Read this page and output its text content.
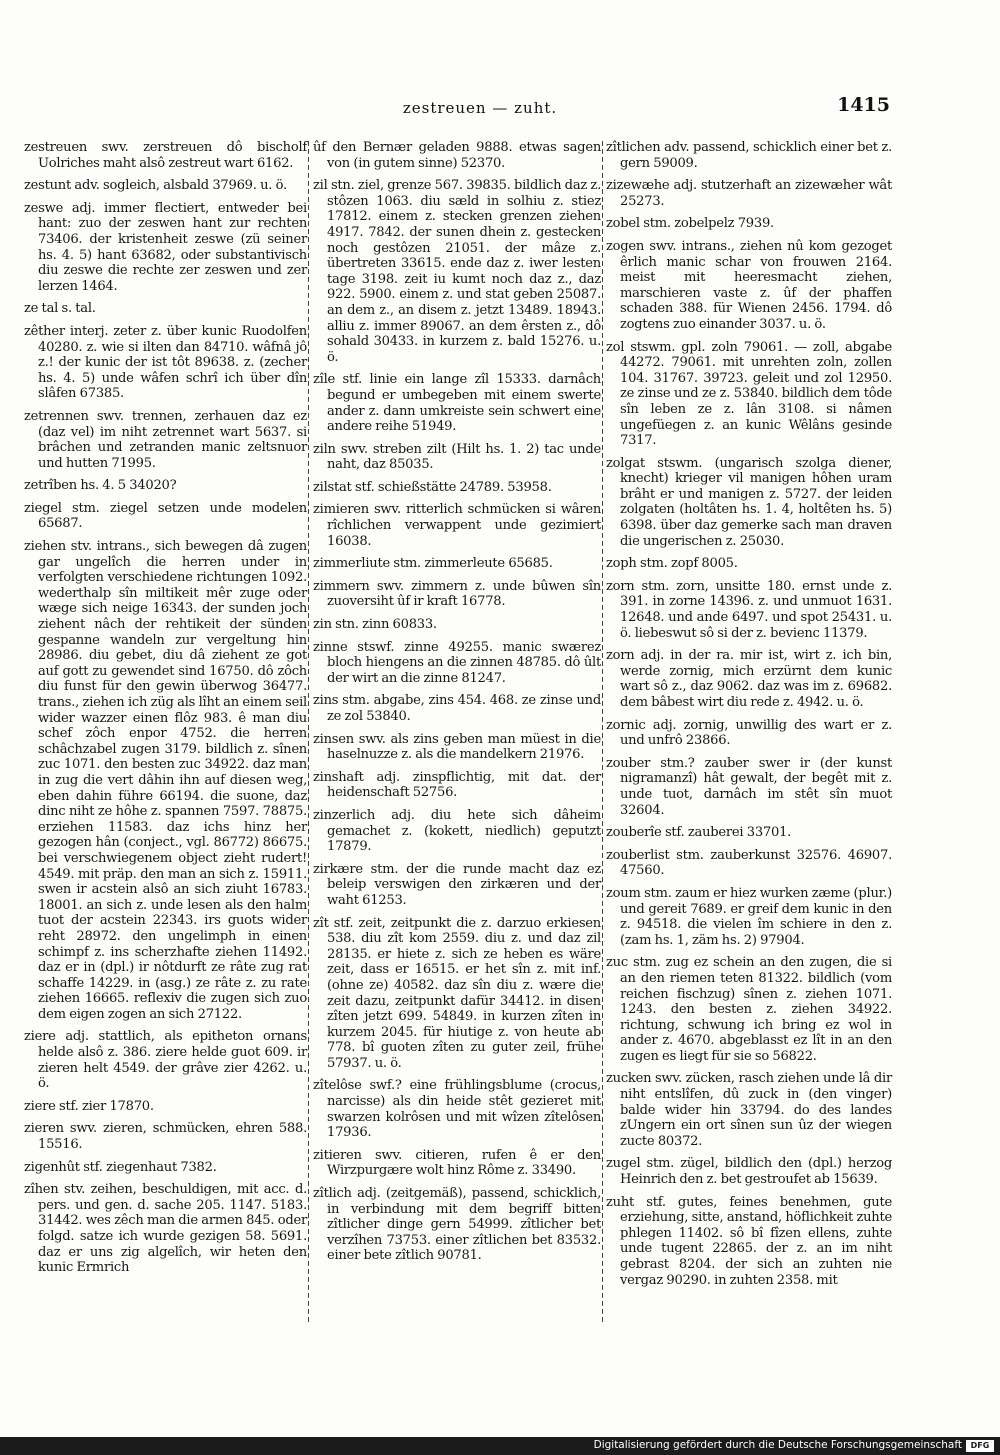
zestreuen — zuht.	1415

zestreuen swv. zerstreuen dô bischolf Uolriches maht alsô zestreut wart 6162.

zestunt adv. sogleich, alsbald 37969. u. ö.

zeswe adj. immer flectiert, entweder bei hant: zuo der zeswen hant zur rechten 73406. der kristenheit zeswe (zü seiner hs. 4. 5) hant 63682, oder substantivisch diu zeswe die rechte zer zeswen und zer lerzen 1464.

ze tal s. tal.

zêther interj. zeter z. über kunic Ruodolfen 40280. z. wie si ilten dan 84710. wâfnâ jô z.! der kunic der ist tôt 89638. z. (zecher hs. 4. 5) unde wâfen schrî ich über dîn slâfen 67385.

zetrennen swv. trennen, zerhauen daz ez (daz vel) im niht zetrennet wart 5637. si brâchen und zetranden manic zeltsnuor und hutten 71995.

zetrîben hs. 4. 5 34020?

ziegel stm. ziegel setzen unde modelen 65687.

ziehen stv. intrans., sich bewegen dâ zugen gar ungelîch die herren under in verfolgten verschiedene richtungen 1092. wederthalp sîn miltikeit mêr zuge oder wæge sich neige 16343. der sunden joch ziehent nâch der rehtikeit der sünden gespanne wandeln zur vergeltung hin 28986. diu gebet, diu dâ ziehent ze got auf gott zu gewendet sind 16750. dô zôch diu funst für den gewin überwog 36477. trans., ziehen ich züg als lîht an einem seil wider wazzer einen flôz 983. ê man diu schef zôch enpor 4752. die herren schâchzabel zugen 3179. bildlich z. sînen zuc 1071. den besten zuc 34922. daz man in zug die vert dâhin ihn auf diesen weg, eben dahin führe 66194. die suone, daz dinc niht ze hôhe z. spannen 7597. 78875. erziehen 11583. daz ichs hinz her gezogen hân (conject., vgl. 86772) 86675. bei verschwiegenem object zieht rudert! 4549. mit präp. den man an sich z. 15911. swen ir acstein alsô an sich ziuht 16783. 18001. an sich z. unde lesen als den halm tuot der acstein 22343. irs guots wider reht 28972. den ungelimph in einen schimpf z. ins scherzhafte ziehen 11492. daz er in (dpl.) ir nôtdurft ze râte zug rat schaffe 14229. in (asg.) ze râte z. zu rate ziehen 16665. reflexiv die zugen sich zuo dem eigen zogen an sich 27122.

ziere adj. stattlich, als epitheton ornans helde alsô z. 386. ziere helde guot 609. ir zieren helt 4549. der grâve zier 4262. u. ö.

ziere stf. zier 17870.

zieren swv. zieren, schmücken, ehren 588. 15516.

zigenhût stf. ziegenhaut 7382.

zîhen stv. zeihen, beschuldigen, mit acc. d. pers. und gen. d. sache 205. 1147. 5183. 31442. wes zêch man die armen 845. oder folgd. satze ich wurde gezigen 58. 5691. daz er uns zig algelîch, wir heten den kunic Ermrich

ûf den Bernær geladen 9888. etwas sagen von (in gutem sinne) 52370.

zil stn. ziel, grenze 567. 39835. bildlich daz z. stôzen 1063. diu sæld in solhiu z. stiez 17812. einem z. stecken grenzen ziehen 4917. 7842. der sunen dhein z. gestecken noch gestôzen 21051. der mâze z. übertreten 33615. ende daz z. iwer lesten tage 3198. zeit iu kumt noch daz z., daz 922. 5900. einem z. und stat geben 25087. an dem z., an disem z. jetzt 13489. 18943. alliu z. immer 89067. an dem êrsten z., dô sohald 30433. in kurzem z. bald 15276. u. ö.

zîle stf. linie ein lange zîl 15333. darnâch begund er umbegeben mit einem swerte ander z. dann umkreiste sein schwert eine andere reihe 51949.

ziln swv. streben zilt (Hilt hs. 1. 2) tac unde naht, daz 85035.

zilstat stf. schießstätte 24789. 53958.

zimieren swv. ritterlich schmücken si wâren rîchlichen verwappent unde gezimiert 16038.

zimmerliute stm. zimmerleute 65685.

zimmern swv. zimmern z. unde bûwen sîn zuoversiht ûf ir kraft 16778.

zin stn. zinn 60833.

zinne stswf. zinne 49255. manic swærez bloch hiengens an die zinnen 48785. dô ûlt der wirt an die zinne 81247.

zins stm. abgabe, zins 454. 468. ze zinse und ze zol 53840.

zinsen swv. als zins geben man müest in die haselnuzze z. als die mandelkern 21976.

zinshaft adj. zinspflichtig, mit dat. der heidenschaft 52756.

zinzerlich adj. diu hete sich dâheim gemachet z. (kokett, niedlich) geputzt 17879.

zirkære stm. der die runde macht daz ez beleip verswigen den zirkæren und der waht 61253.

zît stf. zeit, zeitpunkt die z. darzuo erkiesen 538. diu zît kom 2559. diu z. und daz zil 28135. er hiete z. sich ze heben es wäre zeit, dass er 16515. er het sîn z. mit inf. (ohne ze) 40582. daz sîn diu z. wære die zeit dazu, zeitpunkt dafür 34412. in disen zîten jetzt 699. 54849. in kurzen zîten in kurzem 2045. für hiutige z. von heute ab 778. bî guoten zîten zu guter zeil, frühe 57937. u. ö.

zîtelôse swf.? eine frühlingsblume (crocus, narcisse) als din heide stêt gezieret mit swarzen kolrôsen und mit wîzen zîtelôsen 17936.

zitieren swv. citieren, rufen ê er den Wirzpurgære wolt hinz Rôme z. 33490.

zîtlich adj. (zeitgemäß), passend, schicklich, in verbindung mit dem begriff bitten zîtlicher dinge gern 54999. zîtlicher bet verzîhen 73753. einer zîtlichen bet 83532. einer bete zîtlich 90781.

zîtlichen adv. passend, schicklich einer bet z. gern 59009.

zizewæhe adj. stutzerhaft an zizewæher wât 25273.

zobel stm. zobelpelz 7939.

zogen swv. intrans., ziehen nû kom gezoget êrlich manic schar von frouwen 2164. meist mit heeresmacht ziehen, marschieren vaste z. ûf der phaffen schaden 388. für Wienen 2456. 1794. dô zogtens zuo einander 3037. u. ö.

zol stswm. gpl. zoln 79061. — zoll, abgabe 44272. 79061. mit unrehten zoln, zollen 104. 31767. 39723. geleit und zol 12950. ze zinse und ze z. 53840. bildlich dem tôde sîn leben ze z. lân 3108. si nâmen ungefüegen z. an kunic Wêlâns gesinde 7317.

zolgat stswm. (ungarisch szolga diener, knecht) krieger vil manigen hôhen uram brâht er und manigen z. 5727. der leiden zolgaten (holtâten hs. 1. 4, holtêten hs. 5) 6398. über daz gemerke sach man draven die ungerischen z. 25030.

zoph stm. zopf 8005.

zorn stm. zorn, unsitte 180. ernst unde z. 391. in zorne 14396. z. und unmuot 1631. 12648. und ande 6497. und spot 25431. u. ö. liebeswut sô si der z. bevienc 11379.

zorn adj. in der ra. mir ist, wirt z. ich bin, werde zornig, mich erzürnt dem kunic wart sô z., daz 9062. daz was im z. 69682. dem bâbest wirt diu rede z. 4942. u. ö.

zornic adj. zornig, unwillig des wart er z. und unfrô 23866.

zouber stm.? zauber swer ir (der kunst nigramanzî) hât gewalt, der begêt mit z. unde tuot, darnâch im stêt sîn muot 32604.

zouberîe stf. zauberei 33701.

zouberlist stm. zauberkunst 32576. 46907. 47560.

zoum stm. zaum er hiez wurken zæme (plur.) und gereit 7689. er greif dem kunic in den z. 94518. die vielen îm schiere in den z. (zam hs. 1, zäm hs. 2) 97904.

zuc stm. zug ez schein an den zugen, die si an den riemen teten 81322. bildlich (vom reichen fischzug) sînen z. ziehen 1071. 1243. den besten z. ziehen 34922. richtung, schwung ich bring ez wol in ander z. 4670. abgeblasst ez lît in an den zugen es liegt für sie so 56822.

zucken swv. zücken, rasch ziehen unde lâ dir niht entslîfen, dû zuck in (den vinger) balde wider hin 33794. do des landes zUngern ein ort sînen sun ûz der wiegen zucte 80372.

zugel stm. zügel, bildlich den (dpl.) herzog Heinrich den z. bet gestroufet ab 15639.

zuht stf. gutes, feines benehmen, gute erziehung, sitte, anstand, höflichkeit zuhte phlegen 11402. sô bî fîzen ellens, zuhte unde tugent 22865. der z. an im niht gebrast 8204. der sich an zuhten nie vergaz 90290. in zuhten 2358. mit

Digitalisierung gefördert durch die Deutsche Forschungsgemeinschaft	DFG
